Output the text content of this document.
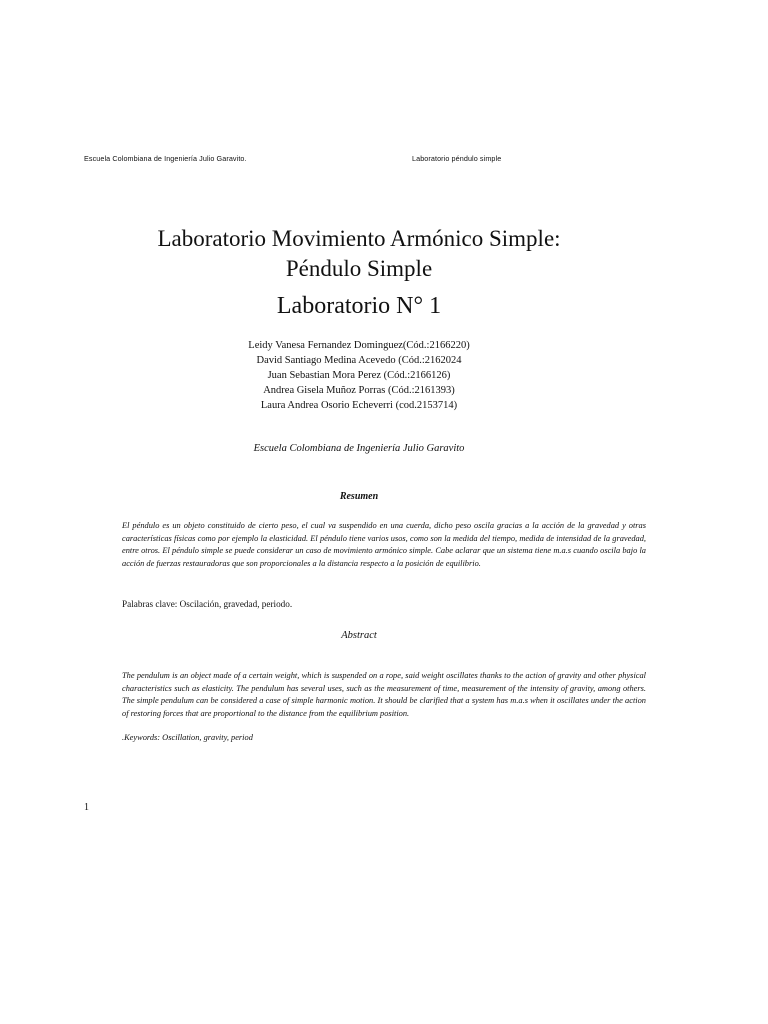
Escuela Colombiana de Ingeniería Julio Garavito.	Laboratorio péndulo simple
Laboratorio Movimiento Armónico Simple:
Péndulo Simple
Laboratorio N° 1
Leidy Vanesa Fernandez Dominguez(Cód.:2166220)
David Santiago Medina Acevedo (Cód.:2162024
Juan Sebastian Mora Perez (Cód.:2166126)
Andrea Gisela Muñoz Porras (Cód.:2161393)
Laura Andrea Osorio Echeverri (cod.2153714)
Escuela Colombiana de Ingeniería Julio Garavito
Resumen

El péndulo es un objeto constituido de cierto peso, el cual va suspendido en una cuerda, dicho peso oscila gracias a la acción de la gravedad y otras características físicas como por ejemplo la elasticidad. El péndulo tiene varios usos, como son la medida del tiempo, medida de intensidad de la gravedad, entre otros. El péndulo simple se puede considerar un caso de movimiento armónico simple. Cabe aclarar que un sistema tiene m.a.s cuando oscila bajo la acción de fuerzas restauradoras que son proporcionales a la distancia respecto a la posición de equilibrio.

Palabras clave: Oscilación, gravedad, periodo.

Abstract

The pendulum is an object made of a certain weight, which is suspended on a rope, said weight oscillates thanks to the action of gravity and other physical characteristics such as elasticity. The pendulum has several uses, such as the measurement of time, measurement of the intensity of gravity, among others. The simple pendulum can be considered a case of simple harmonic motion. It should be clarified that a system has m.a.s when it oscillates under the action of restoring forces that are proportional to the distance from the equilibrium position.

.Keywords: Oscillation, gravity, period

1
